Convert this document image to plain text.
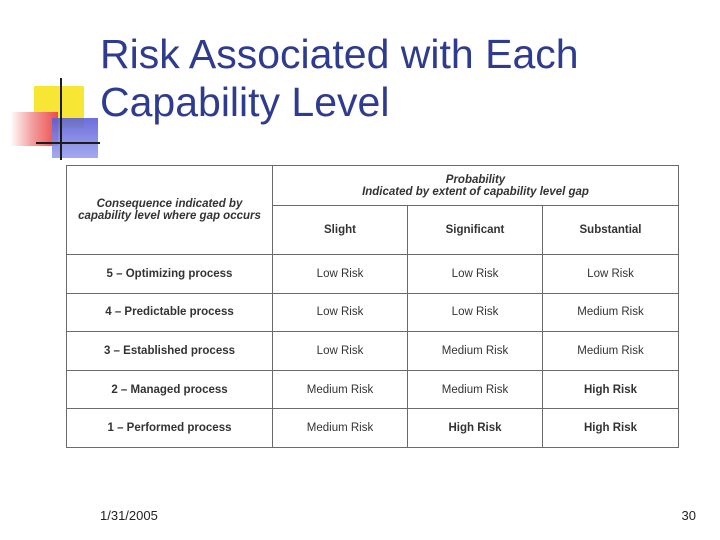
Risk Associated with Each Capability Level
Consequence indicated by capability level where gap occurs	Probability
Indicated by extent of capability level gap		

	Slight	Significant	Substantial
5 – Optimizing process	Low Risk	Low Risk	Low Risk
4 – Predictable process	Low Risk	Low Risk	Medium Risk
3 – Established process	Low Risk	Medium Risk	Medium Risk
2 – Managed process	Medium Risk	Medium Risk	High Risk
1 – Performed process	Medium Risk	High Risk	High Risk
1/31/2005	30
